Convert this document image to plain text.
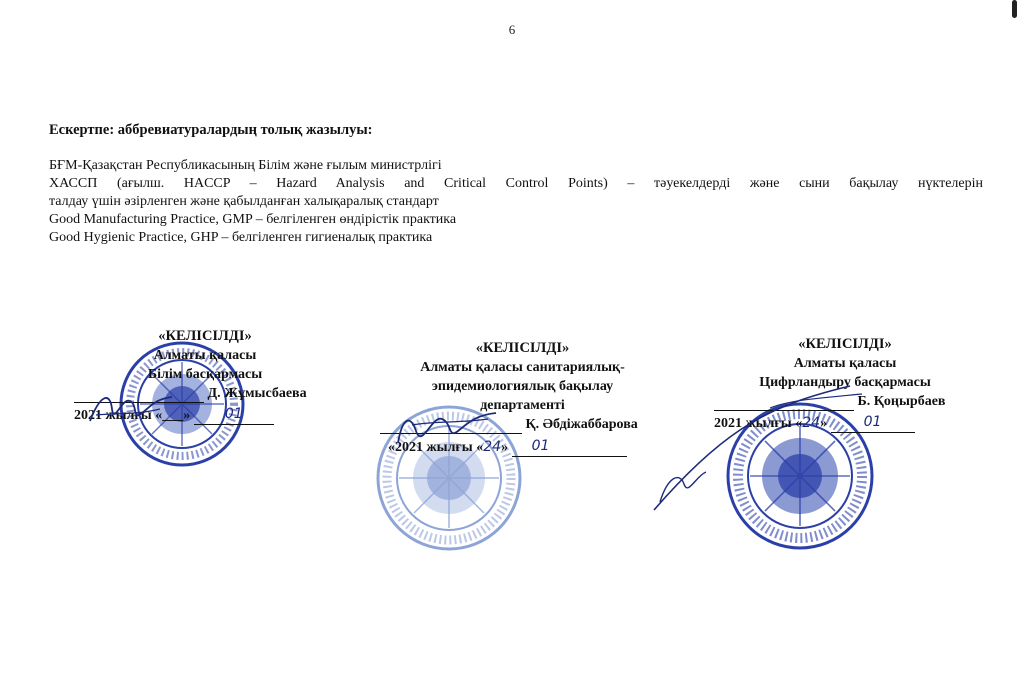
6
Ескертпе: аббревиатуралардың толық жазылуы:

БҒМ-Қазақстан Республикасының Білім және ғылым министрлігі

ХАССП (ағылш. HACCP – Hazard Analysis and Critical Control Points) – тәуекелдерді және сыни бақылау нүктелерін

талдау үшін әзірленген және қабылданған халықаралық стандарт

Good Manufacturing Practice, GMP – белгіленген өндірістік практика

Good Hygienic Practice, GHP – белгіленген гигиеналық практика

«КЕЛІСІЛДІ»
Алматы қаласы
Білім басқармасы
Д. Жұмысбаева
2021 жылғы «___» 01
«КЕЛІСІЛДІ»
Алматы қаласы санитариялық-
эпидемиологиялық бақылау
департаменті
Қ. Әбдіжаббарова
«2021 жылғы «24» 01
«КЕЛІСІЛДІ»
Алматы қаласы
Цифрландыру басқармасы
Б. Қоңырбаев
2021 жылғы «24»	01
